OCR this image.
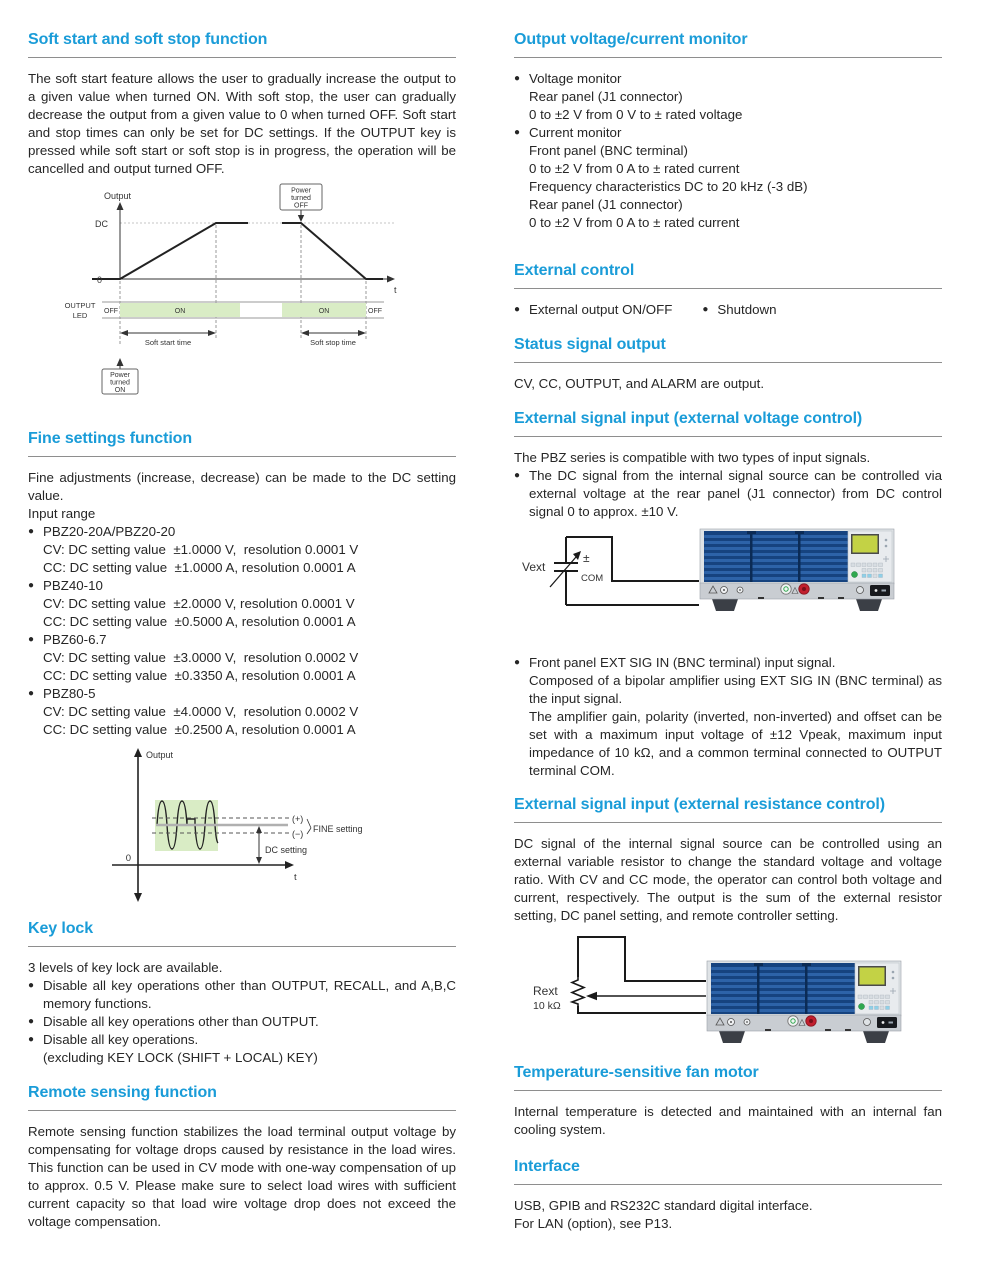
Soft start and soft stop function

The soft start feature allows the user to gradually increase the output to a given value when turned ON. With soft stop, the user can gradually decrease the output from a given value to 0 when turned OFF. Soft start and stop times can only be set for DC settings. If the OUTPUT key is pressed while soft start or soft stop is in progress, the operation will be cancelled and output turned OFF.

Power
turned
OFF
Output
DC
0
t
OFF	ON	ON	OFF
OUTPUT
LED
Soft start time	Soft stop time
Power
turned
ON
Fine settings function

Fine adjustments (increase, decrease) can be made to the DC setting value.

Input range
● PBZ20-20A/PBZ20-20
CV: DC setting value  ±1.0000 V,  resolution 0.0001 V
CC: DC setting value  ±1.0000 A, resolution 0.0001 A
● PBZ40-10
CV: DC setting value  ±2.0000 V, resolution 0.0001 V
CC: DC setting value  ±0.5000 A, resolution 0.0001 A
● PBZ60-6.7
CV: DC setting value  ±3.0000 V,  resolution 0.0002 V
CC: DC setting value  ±0.3350 A, resolution 0.0001 A
● PBZ80-5
CV: DC setting value  ±4.0000 V,  resolution 0.0002 V
CC: DC setting value  ±0.2500 A, resolution 0.0001 A
Output
0
t
(+)
(−) FINE setting
DC setting
Key lock
3 levels of key lock are available.
● Disable all key operations other than OUTPUT, RECALL, and A,B,C memory functions.
● Disable all key operations other than OUTPUT.
● Disable all key operations.
(excluding KEY LOCK (SHIFT + LOCAL) KEY)
Remote sensing function

Remote sensing function stabilizes the load terminal output voltage by compensating for voltage drops caused by resistance in the load wires. This function can be used in CV mode with one-way compensation of up to approx. 0.5 V. Please make sure to select load wires with sufficient current capacity so that load wire voltage drop does not exceed the voltage compensation.

Output voltage/current monitor
● Voltage monitor
Rear panel (J1 connector)
0 to ±2 V from 0 V to ± rated voltage
● Current monitor
Front panel (BNC terminal)
0 to ±2 V from 0 A to ± rated current
Frequency characteristics DC to 20 kHz (-3 dB)
Rear panel (J1 connector)
0 to ±2 V from 0 A to ± rated current
External control
● External output ON/OFF	● Shutdown
Status signal output

CV, CC, OUTPUT, and ALARM are output.

External signal input (external voltage control)

The PBZ series is compatible with two types of input signals.

● The DC signal from the internal signal source can be controlled via external voltage at the rear panel (J1 connector) from DC control signal 0 to approx. ±10 V.
Vext
±
COM
● Front panel EXT SIG IN (BNC terminal) input signal.
Composed of a bipolar amplifier using EXT SIG IN (BNC terminal) as the input signal.
The amplifier gain, polarity (inverted, non-inverted) and offset can be set with a maximum input voltage of ±12 Vpeak, maximum input impedance of 10 kΩ, and a common terminal connected to OUTPUT terminal COM.
External signal input (external resistance control)

DC signal of the internal signal source can be controlled using an external variable resistor to change the standard voltage and voltage ratio. With CV and CC mode, the operator can control both voltage and current, respectively. The output is the sum of the external resistor setting, DC panel setting, and remote controller setting.

Rext
10 kΩ
Temperature-sensitive fan motor

Internal temperature is detected and maintained with an internal fan cooling system.

Interface

USB, GPIB and RS232C standard digital interface.

For LAN (option), see P13.
